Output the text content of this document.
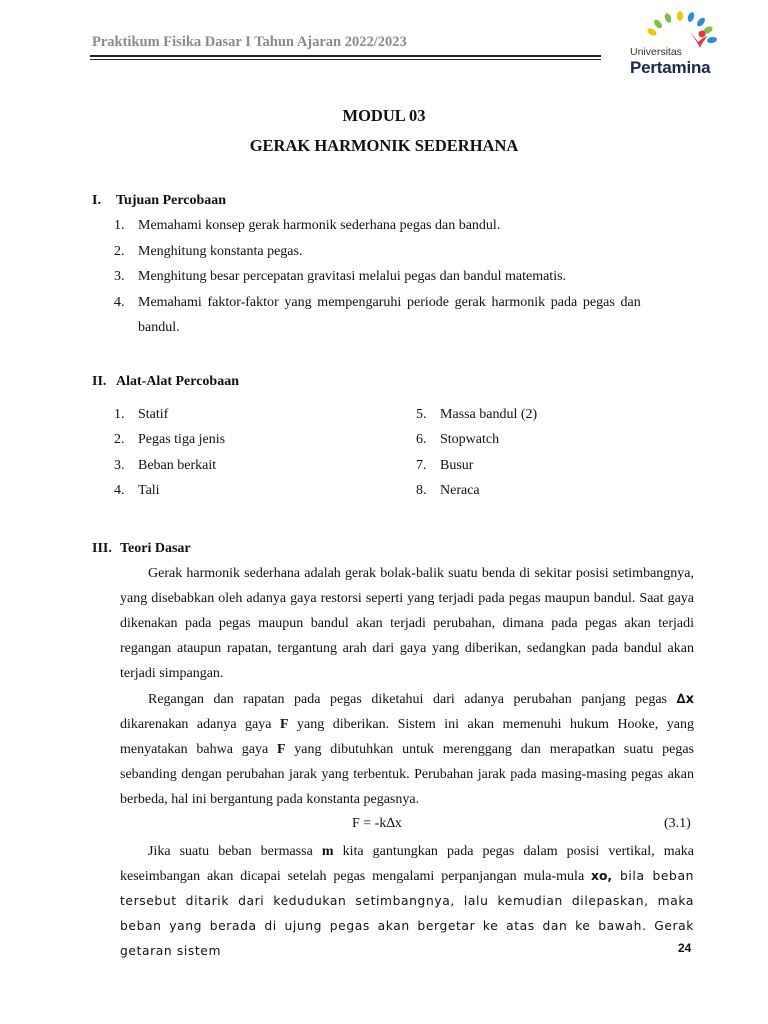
Praktikum Fisika Dasar I Tahun Ajaran 2022/2023
Universitas
Pertamina
MODUL 03
GERAK HARMONIK SEDERHANA
I. Tujuan Percobaan
1. Memahami konsep gerak harmonik sederhana pegas dan bandul.
2. Menghitung konstanta pegas.
3. Menghitung besar percepatan gravitasi melalui pegas dan bandul matematis.
4. Memahami faktor-faktor yang mempengaruhi periode gerak harmonik pada pegas dan
bandul.
II. Alat-Alat Percobaan
1. Statif
2. Pegas tiga jenis
3. Beban berkait
4. Tali
5. Massa bandul (2)
6. Stopwatch
7. Busur
8. Neraca
III. Teori Dasar

Gerak harmonik sederhana adalah gerak bolak-balik suatu benda di sekitar posisi setimbangnya, yang disebabkan oleh adanya gaya restorsi seperti yang terjadi pada pegas maupun bandul. Saat gaya dikenakan pada pegas maupun bandul akan terjadi perubahan, dimana pada pegas akan terjadi regangan ataupun rapatan, tergantung arah dari gaya yang diberikan, sedangkan pada bandul akan terjadi simpangan.

Regangan dan rapatan pada pegas diketahui dari adanya perubahan panjang pegas ∆x dikarenakan adanya gaya F yang diberikan. Sistem ini akan memenuhi hukum Hooke, yang menyatakan bahwa gaya F yang dibutuhkan untuk merenggang dan merapatkan suatu pegas sebanding dengan perubahan jarak yang terbentuk. Perubahan jarak pada masing-masing pegas akan berbeda, hal ini bergantung pada konstanta pegasnya.

F = -k∆x	(3.1)

Jika suatu beban bermassa m kita gantungkan pada pegas dalam posisi vertikal, maka keseimbangan akan dicapai setelah pegas mengalami perpanjangan mula-mula xo, bila beban tersebut ditarik dari kedudukan setimbangnya, lalu kemudian dilepaskan, maka beban yang berada di ujung pegas akan bergetar ke atas dan ke bawah. Gerak getaran sistem	24
